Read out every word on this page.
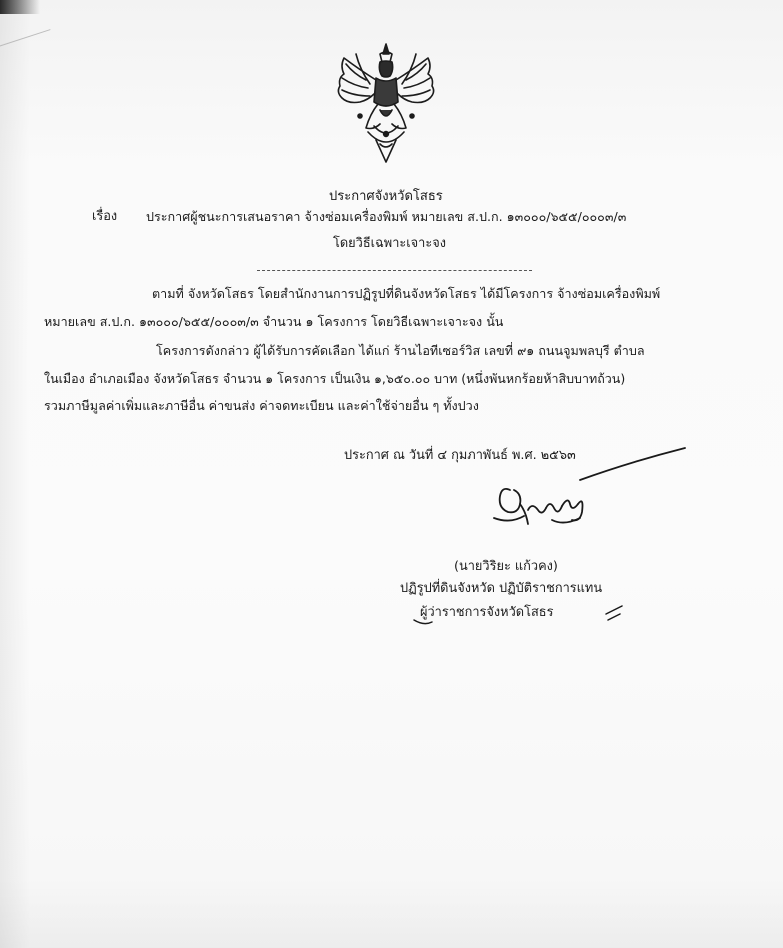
ประกาศจังหวัดโสธร
เรื่อง ประกาศผู้ชนะการเสนอราคา จ้างซ่อมเครื่องพิมพ์ หมายเลข ส.ป.ก. ๑๓๐๐๐/๖๕๕/๐๐๐๓/๓
โดยวิธีเฉพาะเจาะจง
ตามที่ จังหวัดโสธร โดยสำนักงานการปฏิรูปที่ดินจังหวัดโสธร ได้มีโครงการ จ้างซ่อมเครื่องพิมพ์
หมายเลข ส.ป.ก. ๑๓๐๐๐/๖๕๕/๐๐๐๓/๓ จำนวน ๑ โครงการ โดยวิธีเฉพาะเจาะจง นั้น
โครงการดังกล่าว ผู้ได้รับการคัดเลือก ได้แก่ ร้านไอทีเซอร์วิส เลขที่ ๙๑ ถนนจูมพลบุรี ตำบล
ในเมือง อำเภอเมือง จังหวัดโสธร จำนวน ๑ โครงการ เป็นเงิน ๑,๖๕๐.๐๐ บาท (หนึ่งพันหกร้อยห้าสิบบาทถ้วน)
รวมภาษีมูลค่าเพิ่มและภาษีอื่น ค่าขนส่ง ค่าจดทะเบียน และค่าใช้จ่ายอื่น ๆ ทั้งปวง
ประกาศ ณ วันที่ ๔ กุมภาพันธ์ พ.ศ. ๒๕๖๓
(นายวิริยะ แก้วคง)
ปฏิรูปที่ดินจังหวัด ปฏิบัติราชการแทน
ผู้ว่าราชการจังหวัดโสธร
